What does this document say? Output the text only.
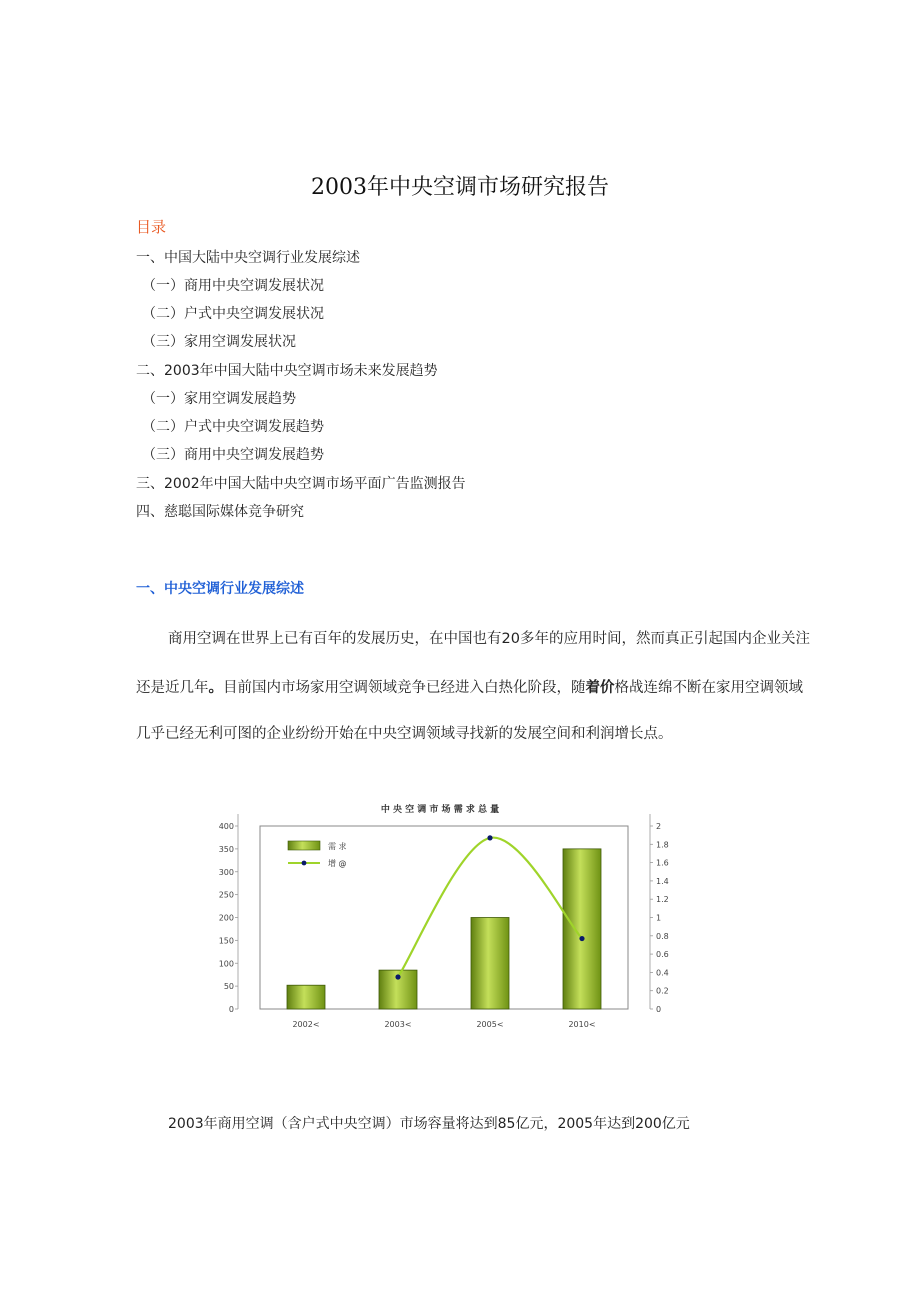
2003年中央空调市场研究报告
目录
一、中国大陆中央空调行业发展综述
（一）商用中央空调发展状况
（二）户式中央空调发展状况
（三）家用空调发展状况
二、2003年中国大陆中央空调市场未来发展趋势
（一）家用空调发展趋势
（二）户式中央空调发展趋势
（三）商用中央空调发展趋势
三、2002年中国大陆中央空调市场平面广告监测报告
四、慈聪国际媒体竞争研究
一、中央空调行业发展综述
商用空调在世界上已有百年的发展历史，在中国也有20多年的应用时间，然而真正引起国内企业关注
还是近几年。目前国内市场家用空调领域竞争已经进入白热化阶段，随着价格战连绵不断在家用空调领域
几乎已经无利可图的企业纷纷开始在中央空调领域寻找新的发展空间和利润增长点。
中 央 空 调 市 场 需 求 总 量
0
50
100
150
200
250
300
350
400
0
0.2
0.4
0.6
0.8
1
1.2
1.4
1.6
1.8
2
2002<	2003<	2005<	2010<
需 求
增 @
2003年商用空调（含户式中央空调）市场容量将达到85亿元，2005年达到200亿元
